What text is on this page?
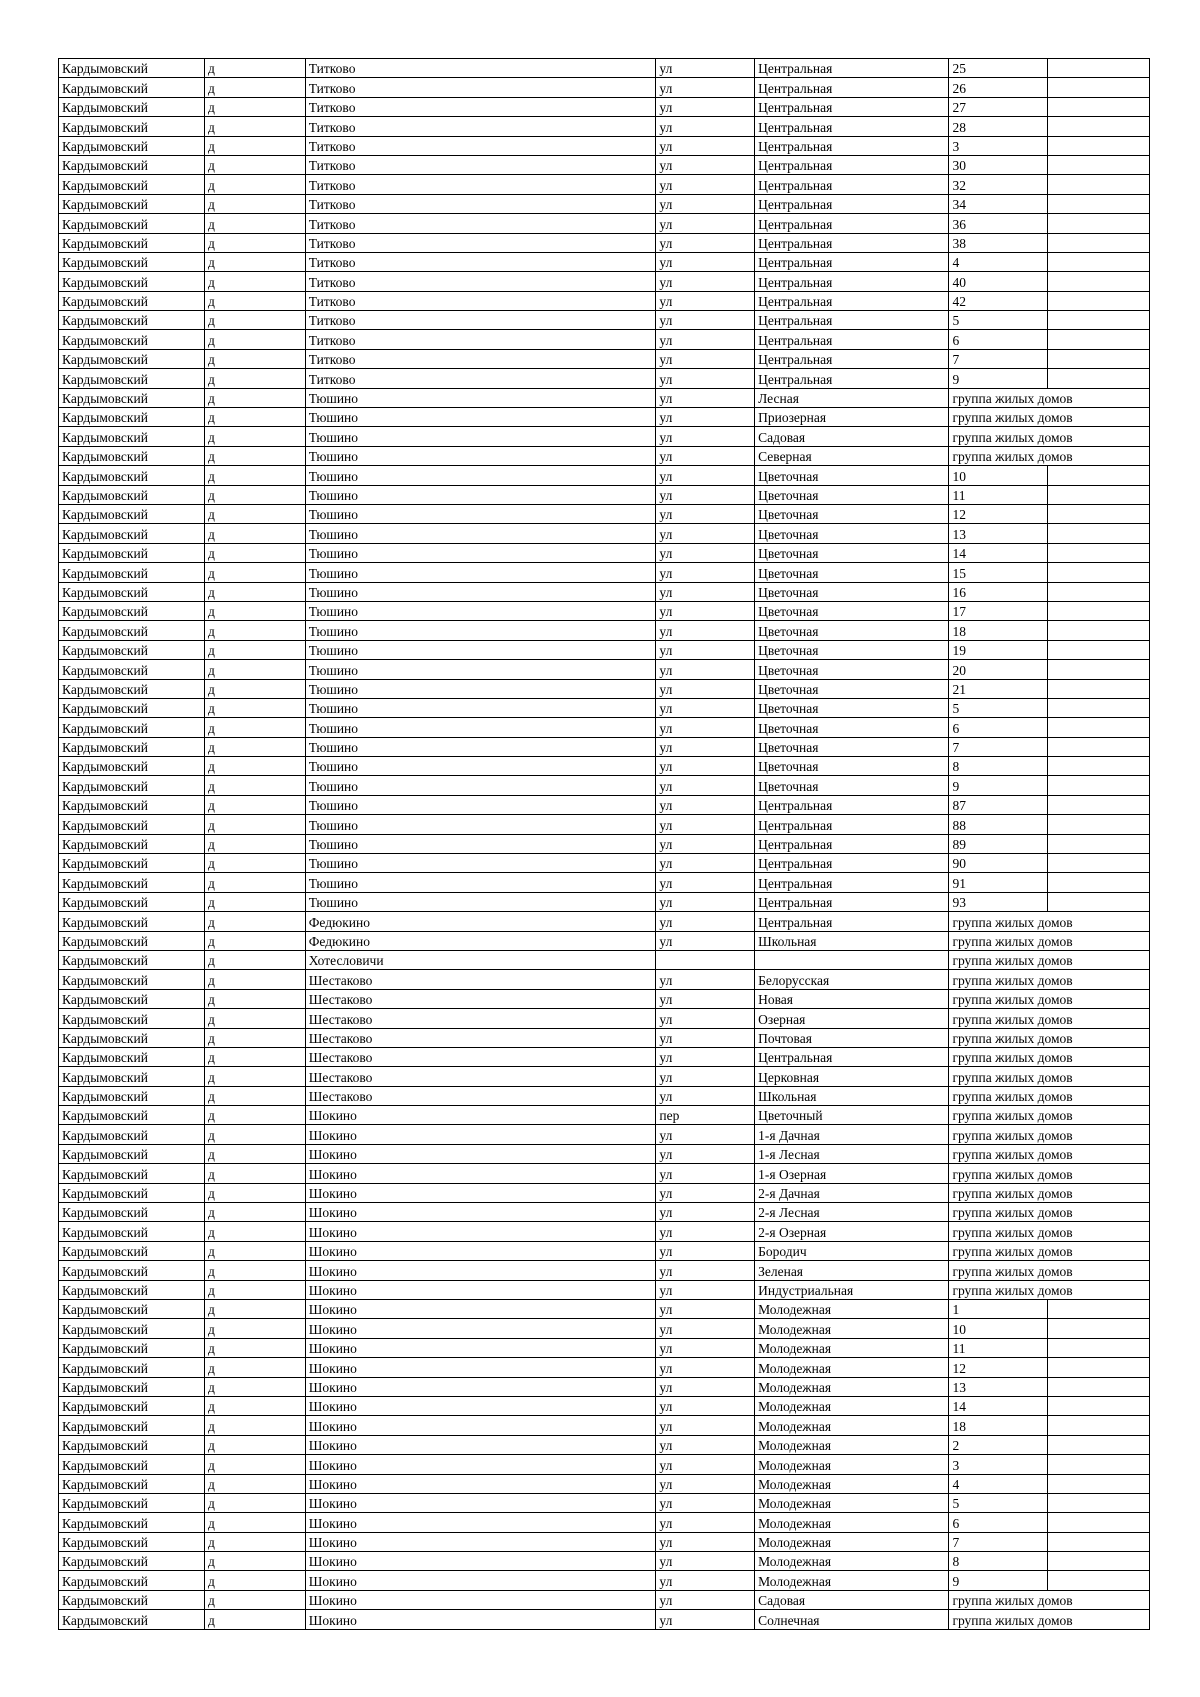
Кардымовский	д	Титково	ул	Центральная	25	
Кардымовский	д	Титково	ул	Центральная	26	
Кардымовский	д	Титково	ул	Центральная	27	
Кардымовский	д	Титково	ул	Центральная	28	
Кардымовский	д	Титково	ул	Центральная	3	
Кардымовский	д	Титково	ул	Центральная	30	
Кардымовский	д	Титково	ул	Центральная	32	
Кардымовский	д	Титково	ул	Центральная	34	
Кардымовский	д	Титково	ул	Центральная	36	
Кардымовский	д	Титково	ул	Центральная	38	
Кардымовский	д	Титково	ул	Центральная	4	
Кардымовский	д	Титково	ул	Центральная	40	
Кардымовский	д	Титково	ул	Центральная	42	
Кардымовский	д	Титково	ул	Центральная	5	
Кардымовский	д	Титково	ул	Центральная	6	
Кардымовский	д	Титково	ул	Центральная	7	
Кардымовский	д	Титково	ул	Центральная	9	
Кардымовский	д	Тюшино	ул	Лесная	группа жилых домов	
Кардымовский	д	Тюшино	ул	Приозерная	группа жилых домов	
Кардымовский	д	Тюшино	ул	Садовая	группа жилых домов	
Кардымовский	д	Тюшино	ул	Северная	группа жилых домов	
Кардымовский	д	Тюшино	ул	Цветочная	10	
Кардымовский	д	Тюшино	ул	Цветочная	11	
Кардымовский	д	Тюшино	ул	Цветочная	12	
Кардымовский	д	Тюшино	ул	Цветочная	13	
Кардымовский	д	Тюшино	ул	Цветочная	14	
Кардымовский	д	Тюшино	ул	Цветочная	15	
Кардымовский	д	Тюшино	ул	Цветочная	16	
Кардымовский	д	Тюшино	ул	Цветочная	17	
Кардымовский	д	Тюшино	ул	Цветочная	18	
Кардымовский	д	Тюшино	ул	Цветочная	19	
Кардымовский	д	Тюшино	ул	Цветочная	20	
Кардымовский	д	Тюшино	ул	Цветочная	21	
Кардымовский	д	Тюшино	ул	Цветочная	5	
Кардымовский	д	Тюшино	ул	Цветочная	6	
Кардымовский	д	Тюшино	ул	Цветочная	7	
Кардымовский	д	Тюшино	ул	Цветочная	8	
Кардымовский	д	Тюшино	ул	Цветочная	9	
Кардымовский	д	Тюшино	ул	Центральная	87	
Кардымовский	д	Тюшино	ул	Центральная	88	
Кардымовский	д	Тюшино	ул	Центральная	89	
Кардымовский	д	Тюшино	ул	Центральная	90	
Кардымовский	д	Тюшино	ул	Центральная	91	
Кардымовский	д	Тюшино	ул	Центральная	93	
Кардымовский	д	Федюкино	ул	Центральная	группа жилых домов	
Кардымовский	д	Федюкино	ул	Школьная	группа жилых домов	
Кардымовский	д	Хотесловичи			группа жилых домов	
Кардымовский	д	Шестаково	ул	Белорусская	группа жилых домов	
Кардымовский	д	Шестаково	ул	Новая	группа жилых домов	
Кардымовский	д	Шестаково	ул	Озерная	группа жилых домов	
Кардымовский	д	Шестаково	ул	Почтовая	группа жилых домов	
Кардымовский	д	Шестаково	ул	Центральная	группа жилых домов	
Кардымовский	д	Шестаково	ул	Церковная	группа жилых домов	
Кардымовский	д	Шестаково	ул	Школьная	группа жилых домов	
Кардымовский	д	Шокино	пер	Цветочный	группа жилых домов	
Кардымовский	д	Шокино	ул	1-я Дачная	группа жилых домов	
Кардымовский	д	Шокино	ул	1-я Лесная	группа жилых домов	
Кардымовский	д	Шокино	ул	1-я Озерная	группа жилых домов	
Кардымовский	д	Шокино	ул	2-я Дачная	группа жилых домов	
Кардымовский	д	Шокино	ул	2-я Лесная	группа жилых домов	
Кардымовский	д	Шокино	ул	2-я Озерная	группа жилых домов	
Кардымовский	д	Шокино	ул	Бородич	группа жилых домов	
Кардымовский	д	Шокино	ул	Зеленая	группа жилых домов	
Кардымовский	д	Шокино	ул	Индустриальная	группа жилых домов	
Кардымовский	д	Шокино	ул	Молодежная	1	
Кардымовский	д	Шокино	ул	Молодежная	10	
Кардымовский	д	Шокино	ул	Молодежная	11	
Кардымовский	д	Шокино	ул	Молодежная	12	
Кардымовский	д	Шокино	ул	Молодежная	13	
Кардымовский	д	Шокино	ул	Молодежная	14	
Кардымовский	д	Шокино	ул	Молодежная	18	
Кардымовский	д	Шокино	ул	Молодежная	2	
Кардымовский	д	Шокино	ул	Молодежная	3	
Кардымовский	д	Шокино	ул	Молодежная	4	
Кардымовский	д	Шокино	ул	Молодежная	5	
Кардымовский	д	Шокино	ул	Молодежная	6	
Кардымовский	д	Шокино	ул	Молодежная	7	
Кардымовский	д	Шокино	ул	Молодежная	8	
Кардымовский	д	Шокино	ул	Молодежная	9	
Кардымовский	д	Шокино	ул	Садовая	группа жилых домов	
Кардымовский	д	Шокино	ул	Солнечная	группа жилых домов	
